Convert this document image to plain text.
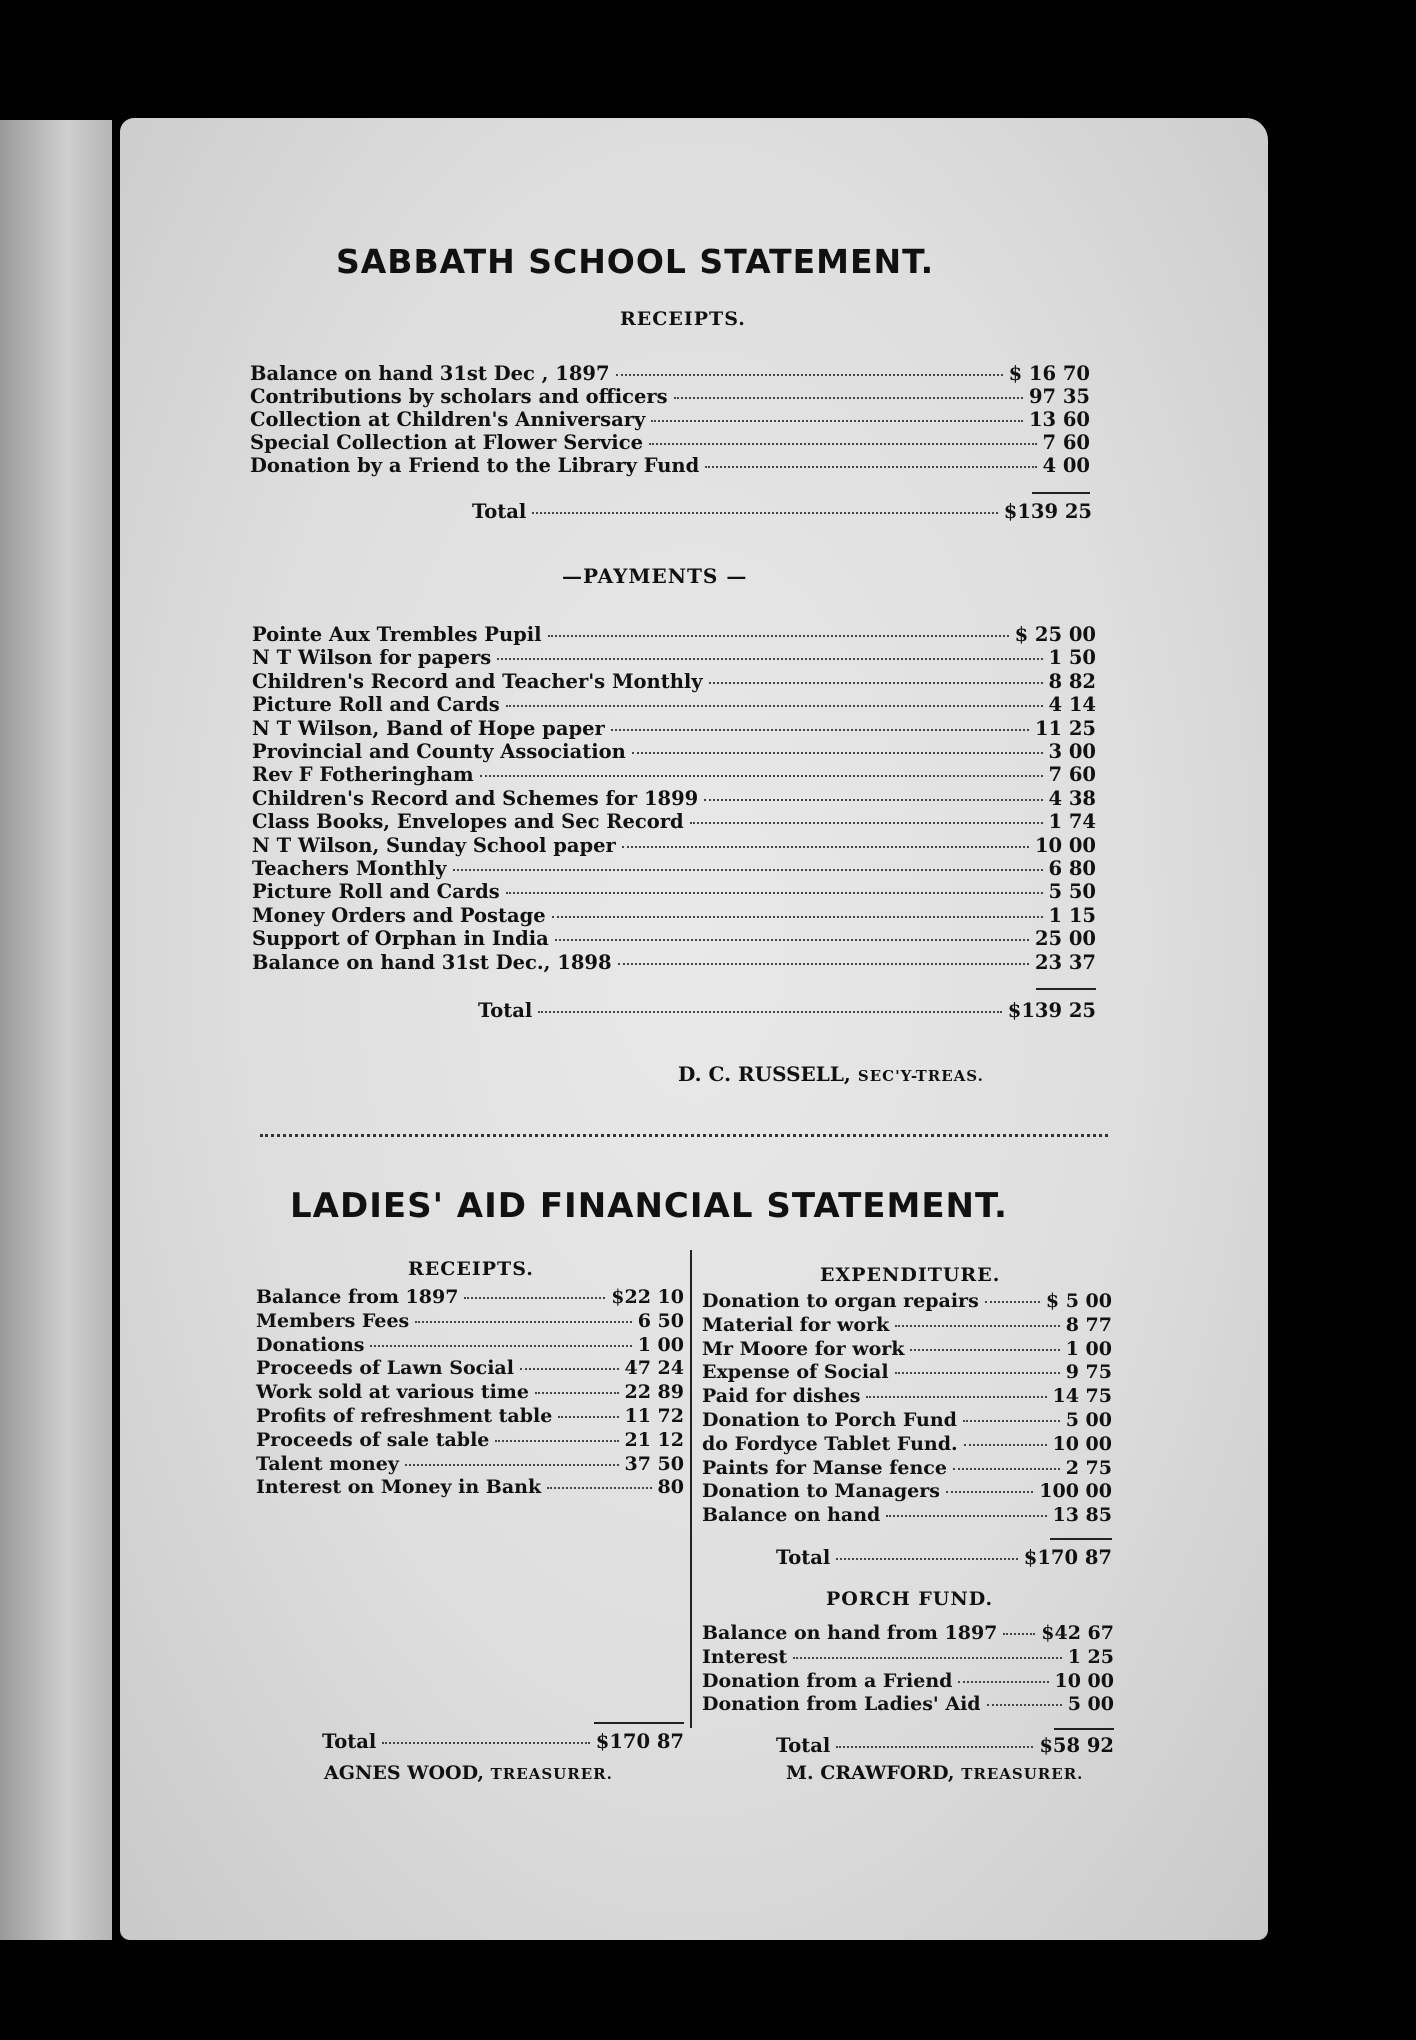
SABBATH SCHOOL STATEMENT.
RECEIPTS.
Balance on hand 31st Dec , 1897	$ 16 70
Contributions by scholars and officers	97 35
Collection at Children's Anniversary	13 60
Special Collection at Flower Service	7 60
Donation by a Friend to the Library Fund	4 00
Total	$139 25
—PAYMENTS —
Pointe Aux Trembles Pupil	$ 25 00
N T Wilson for papers	1 50
Children's Record and Teacher's Monthly	8 82
Picture Roll and Cards	4 14
N T Wilson, Band of Hope paper	11 25
Provincial and County Association	3 00
Rev F Fotheringham	7 60
Children's Record and Schemes for 1899	4 38
Class Books, Envelopes and Sec Record	1 74
N T Wilson, Sunday School paper	10 00
Teachers Monthly	6 80
Picture Roll and Cards	5 50
Money Orders and Postage	1 15
Support of Orphan in India	25 00
Balance on hand 31st Dec., 1898	23 37
Total	$139 25
D. C. RUSSELL, SEC'Y-TREAS.
LADIES' AID FINANCIAL STATEMENT.
RECEIPTS.
Balance from 1897	$22 10
Members Fees	6 50
Donations	1 00
Proceeds of Lawn Social	47 24
Work sold at various time	22 89
Profits of refreshment table	11 72
Proceeds of sale table	21 12
Talent money	37 50
Interest on Money in Bank	80
Total	$170 87
AGNES WOOD, TREASURER.
EXPENDITURE.
Donation to organ repairs	$ 5 00
Material for work	8 77
Mr Moore for work	1 00
Expense of Social	9 75
Paid for dishes	14 75
Donation to Porch Fund	5 00
do Fordyce Tablet Fund.	10 00
Paints for Manse fence	2 75
Donation to Managers	100 00
Balance on hand	13 85
Total	$170 87
PORCH FUND.
Balance on hand from 1897 $42 67
Interest	1 25
Donation from a Friend	10 00
Donation from Ladies' Aid	5 00
Total	$58 92
M. CRAWFORD, TREASURER.
